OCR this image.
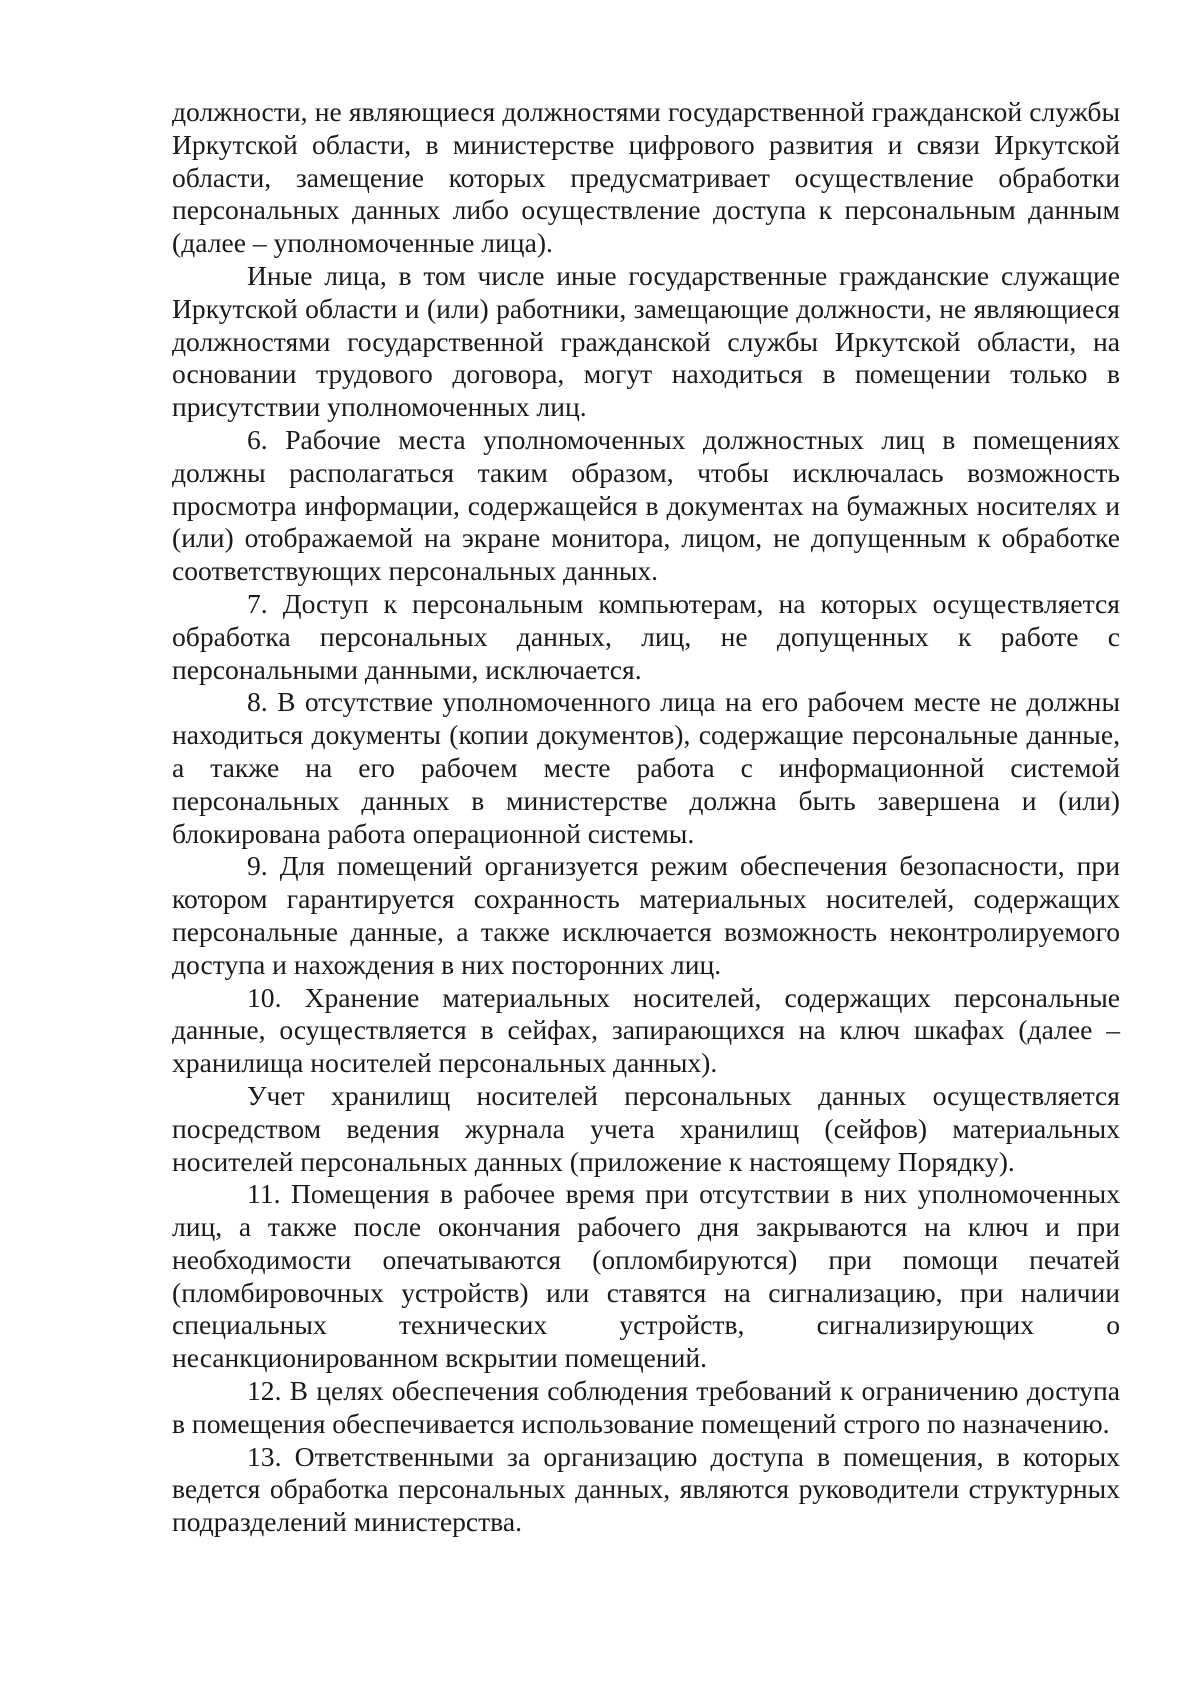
должности, не являющиеся должностями государственной гражданской службы Иркутской области, в министерстве цифрового развития и связи Иркутской области, замещение которых предусматривает осуществление обработки персональных данных либо осуществление доступа к персональным данным (далее – уполномоченные лица).

Иные лица, в том числе иные государственные гражданские служащие Иркутской области и (или) работники, замещающие должности, не являющиеся должностями государственной гражданской службы Иркутской области, на основании трудового договора, могут находиться в помещении только в присутствии уполномоченных лиц.

6. Рабочие места уполномоченных должностных лиц в помещениях должны располагаться таким образом, чтобы исключалась возможность просмотра информации, содержащейся в документах на бумажных носителях и (или) отображаемой на экране монитора, лицом, не допущенным к обработке соответствующих персональных данных.

7. Доступ к персональным компьютерам, на которых осуществляется обработка персональных данных, лиц, не допущенных к работе с персональными данными, исключается.

8. В отсутствие уполномоченного лица на его рабочем месте не должны находиться документы (копии документов), содержащие персональные данные, а также на его рабочем месте работа с информационной системой персональных данных в министерстве должна быть завершена и (или) блокирована работа операционной системы.

9. Для помещений организуется режим обеспечения безопасности, при котором гарантируется сохранность материальных носителей, содержащих персональные данные, а также исключается возможность неконтролируемого доступа и нахождения в них посторонних лиц.

10. Хранение материальных носителей, содержащих персональные данные, осуществляется в сейфах, запирающихся на ключ шкафах (далее – хранилища носителей персональных данных).

Учет хранилищ носителей персональных данных осуществляется посредством ведения журнала учета хранилищ (сейфов) материальных носителей персональных данных (приложение к настоящему Порядку).

11. Помещения в рабочее время при отсутствии в них уполномоченных лиц, а также после окончания рабочего дня закрываются на ключ и при необходимости опечатываются (опломбируются) при помощи печатей (пломбировочных устройств) или ставятся на сигнализацию, при наличии специальных технических устройств, сигнализирующих о несанкционированном вскрытии помещений.

12. В целях обеспечения соблюдения требований к ограничению доступа в помещения обеспечивается использование помещений строго по назначению.

13. Ответственными за организацию доступа в помещения, в которых ведется обработка персональных данных, являются руководители структурных подразделений министерства.
